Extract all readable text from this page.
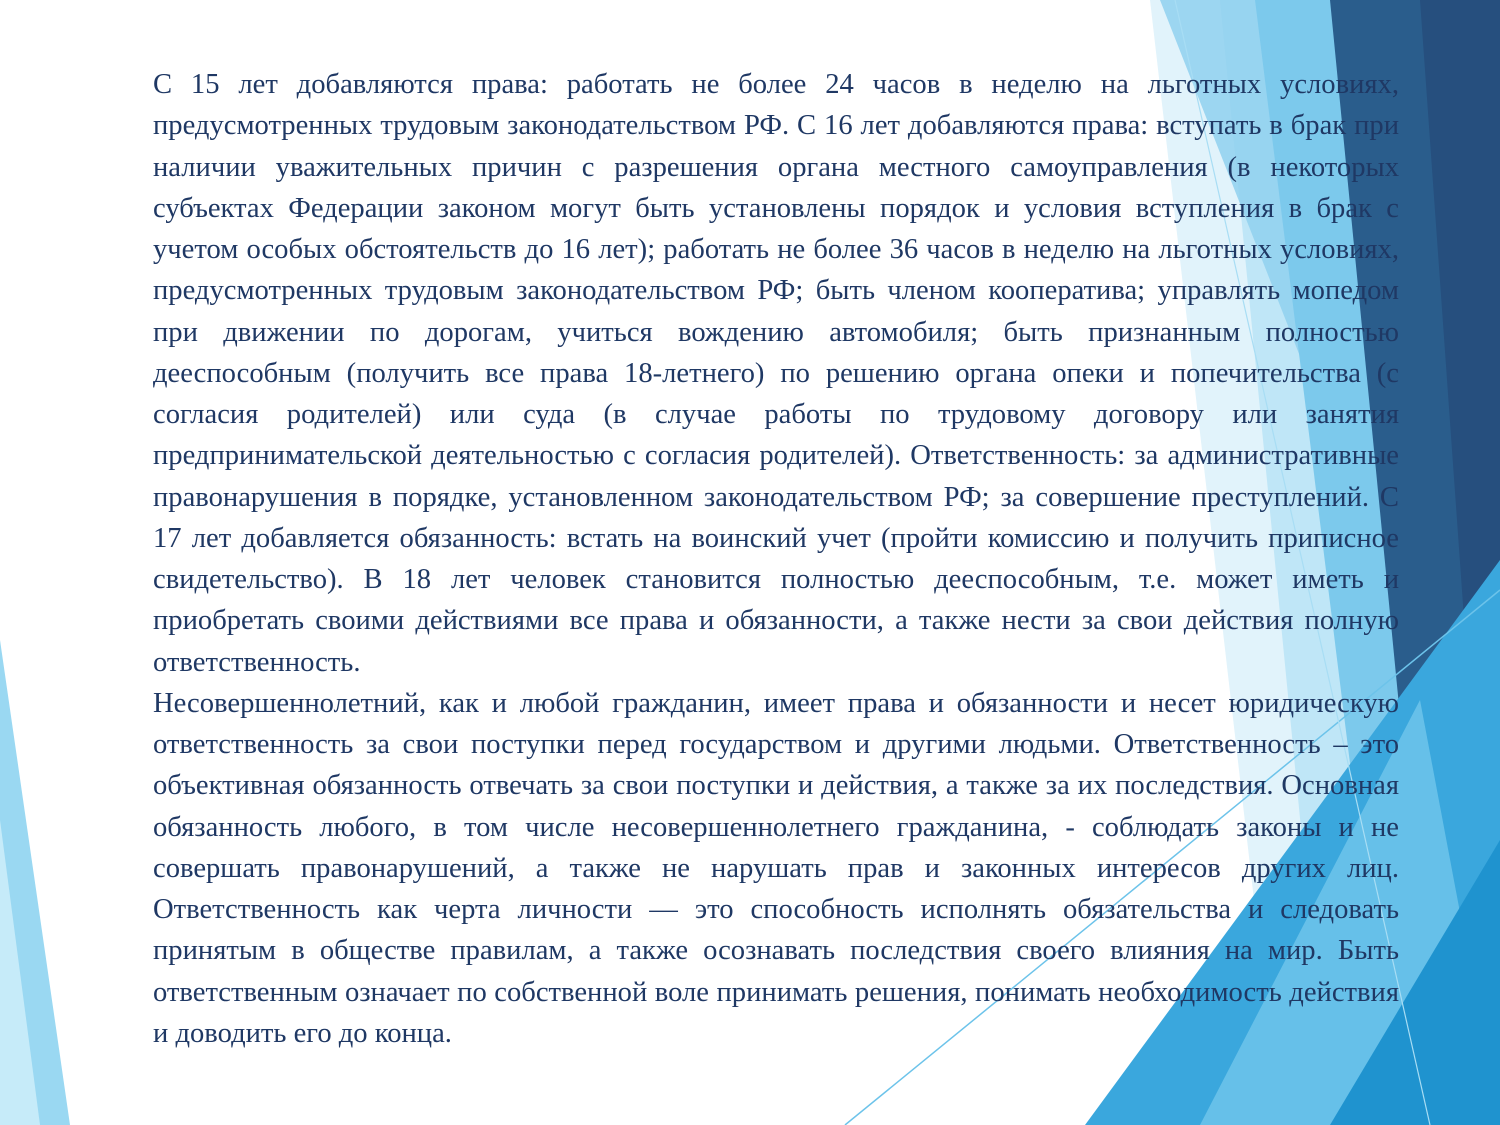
С 15 лет добавляются права: работать не более 24 часов в неделю на льготных условиях, предусмотренных трудовым законодательством РФ. С 16 лет добавляются права: вступать в брак при наличии уважительных причин с разрешения органа местного самоуправления (в некоторых субъектах Федерации законом могут быть установлены порядок и условия вступления в брак с учетом особых обстоятельств до 16 лет); работать не более 36 часов в неделю на льготных условиях, предусмотренных трудовым законодательством РФ; быть членом кооператива; управлять мопедом при движении по дорогам, учиться вождению автомобиля; быть признанным полностью дееспособным (получить все права 18-летнего) по решению органа опеки и попечительства (с согласия родителей) или суда (в случае работы по трудовому договору или занятия предпринимательской деятельностью с согласия родителей). Ответственность: за административные правонарушения в порядке, установленном законодательством РФ; за совершение преступлений. С 17 лет добавляется обязанность: встать на воинский учет (пройти комиссию и получить приписное свидетельство). В 18 лет человек становится полностью дееспособным, т.е. может иметь и приобретать своими действиями все права и обязанности, а также нести за свои действия полную ответственность.

Несовершеннолетний, как и любой гражданин, имеет права и обязанности и несет юридическую ответственность за свои поступки перед государством и другими людьми. Ответственность – это объективная обязанность отвечать за свои поступки и действия, а также за их последствия. Основная обязанность любого, в том числе несовершеннолетнего гражданина, - соблюдать законы и не совершать правонарушений, а также не нарушать прав и законных интересов других лиц. Ответственность как черта личности — это способность исполнять обязательства и следовать принятым в обществе правилам, а также осознавать последствия своего влияния на мир. Быть ответственным означает по собственной воле принимать решения, понимать необходимость действия и доводить его до конца.
